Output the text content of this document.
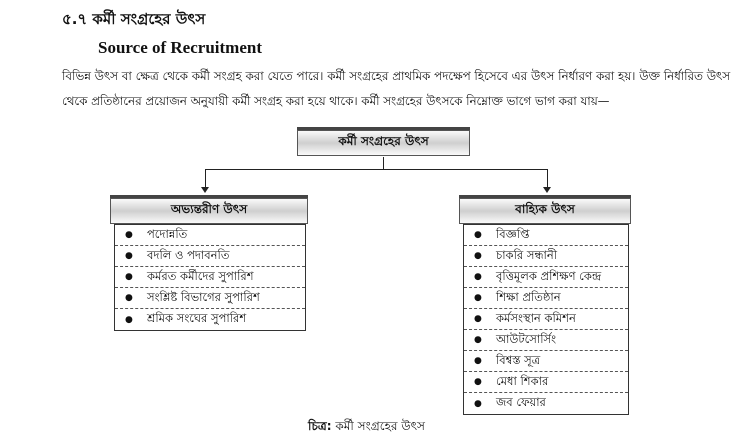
৫.৭ কর্মী সংগ্রহের উৎস
Source of Recruitment

বিভিন্ন উৎস বা ক্ষেত্র থেকে কর্মী সংগ্রহ করা যেতে পারে। কর্মী সংগ্রহের প্রাথমিক পদক্ষেপ হিসেবে এর উৎস নির্ধারণ করা হয়। উক্ত নির্ধারিত উৎস থেকে প্রতিষ্ঠানের প্রয়োজন অনুযায়ী কর্মী সংগ্রহ করা হয়ে থাকে। কর্মী সংগ্রহের উৎসকে নিম্নোক্ত ভাগে ভাগ করা যায়—

কর্মী সংগ্রহের উৎস
অভ্যন্তরীণ উৎস
●	পদোন্নতি
●	বদলি ও পদাবনতি
●	কর্মরত কর্মীদের সুপারিশ
●	সংশ্লিষ্ট বিভাগের সুপারিশ
●	শ্রমিক সংঘের সুপারিশ
বাহ্যিক উৎস
●	বিজ্ঞপ্তি
●	চাকরি সন্ধানী
●	বৃত্তিমূলক প্রশিক্ষণ কেন্দ্র
●	শিক্ষা প্রতিষ্ঠান
●	কর্মসংস্থান কমিশন
●	আউটসোর্সিং
●	বিশ্বস্ত সূত্র
●	মেধা শিকার
●	জব ফেয়ার
চিত্র: কর্মী সংগ্রহের উৎস
